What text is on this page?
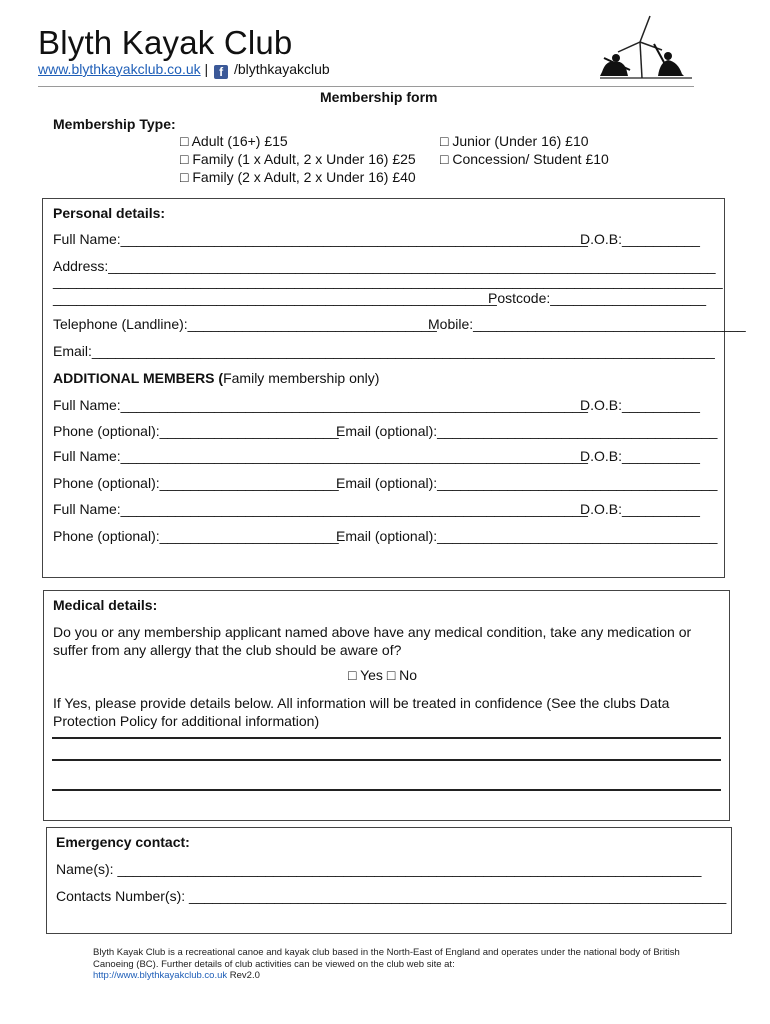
Blyth Kayak Club
www.blythkayakclub.co.uk | f /blythkayakclub
Membership form
Membership Type:
□ Adult (16+) £15
□ Family (1 x Adult, 2 x Under 16) £25
□ Family (2 x Adult, 2 x Under 16) £40
□ Junior (Under 16) £10
□ Concession/ Student £10
Personal details:
Full Name:____________________________________________________________
D.O.B:__________
Address:______________________________________________________________________________
______________________________________________________________________________________
_________________________________________________________
Postcode:____________________
Telephone (Landline):________________________________
Mobile:___________________________________
Email:________________________________________________________________________________
ADDITIONAL MEMBERS (Family membership only)
Full Name:____________________________________________________________
D.O.B:__________
Phone (optional):_______________________
Email (optional):____________________________________
Full Name:____________________________________________________________
D.O.B:__________
Phone (optional):_______________________
Email (optional):____________________________________
Full Name:____________________________________________________________
D.O.B:__________
Phone (optional):_______________________
Email (optional):____________________________________
Medical details:
Do you or any membership applicant named above have any medical condition, take any medication or suffer from any allergy that the club should be aware of?
□ Yes □ No
If Yes, please provide details below. All information will be treated in confidence (See the clubs Data Protection Policy for additional information)
Emergency contact:
Name(s): ___________________________________________________________________________
Contacts Number(s): _____________________________________________________________________
Blyth Kayak Club is a recreational canoe and kayak club based in the North-East of England and operates under the national body of British Canoeing (BC). Further details of club activities can be viewed on the club web site at:
http://www.blythkayakclub.co.uk Rev2.0
